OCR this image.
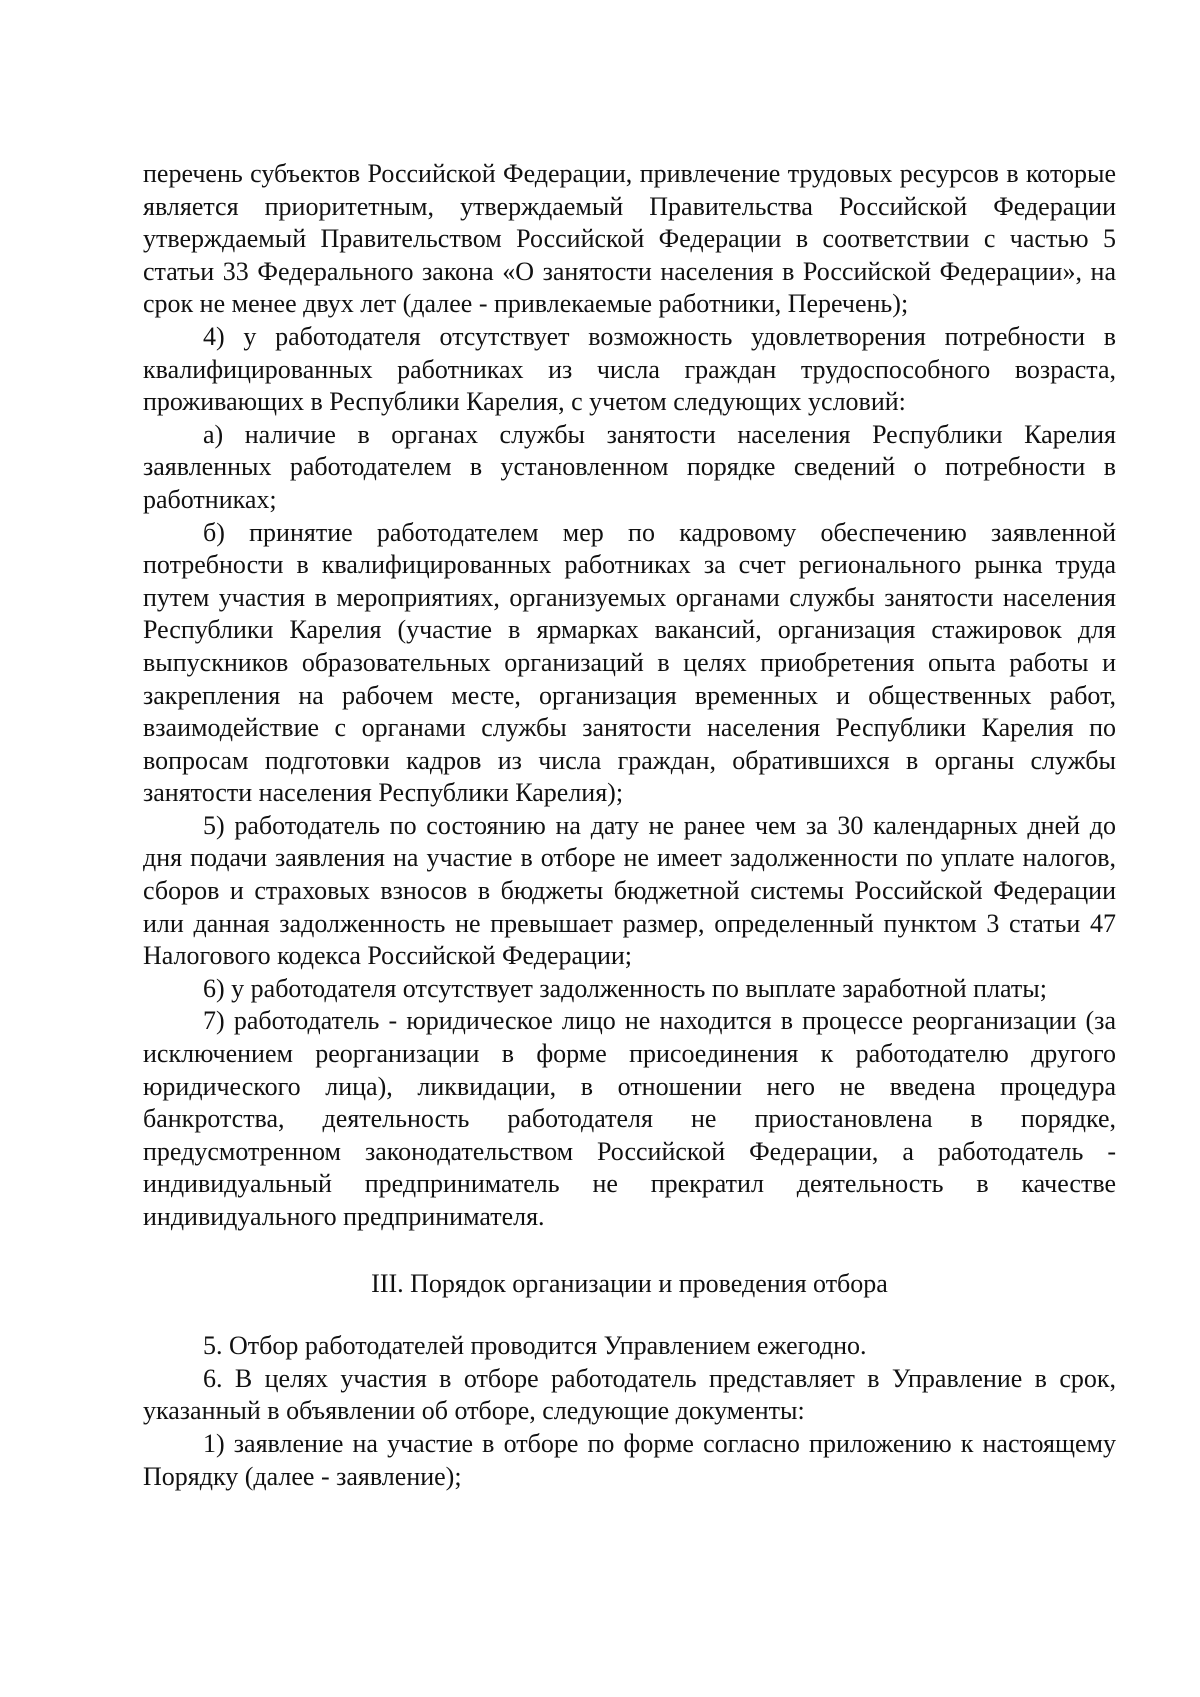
перечень субъектов Российской Федерации, привлечение трудовых ресурсов в которые является приоритетным, утверждаемый Правительства Российской Федерации утверждаемый Правительством Российской Федерации в соответствии с частью 5 статьи 33 Федерального закона «О занятости населения в Российской Федерации», на срок не менее двух лет (далее - привлекаемые работники, Перечень);

4) у работодателя отсутствует возможность удовлетворения потребности в квалифицированных работниках из числа граждан трудоспособного возраста, проживающих в Республики Карелия, с учетом следующих условий:

а) наличие в органах службы занятости населения Республики Карелия заявленных работодателем в установленном порядке сведений о потребности в работниках;

б) принятие работодателем мер по кадровому обеспечению заявленной потребности в квалифицированных работниках за счет регионального рынка труда путем участия в мероприятиях, организуемых органами службы занятости населения Республики Карелия (участие в ярмарках вакансий, организация стажировок для выпускников образовательных организаций в целях приобретения опыта работы и закрепления на рабочем месте, организация временных и общественных работ, взаимодействие с органами службы занятости населения Республики Карелия по вопросам подготовки кадров из числа граждан, обратившихся в органы службы занятости населения Республики Карелия);

5) работодатель по состоянию на дату не ранее чем за 30 календарных дней до дня подачи заявления на участие в отборе не имеет задолженности по уплате налогов, сборов и страховых взносов в бюджеты бюджетной системы Российской Федерации или данная задолженность не превышает размер, определенный пунктом 3 статьи 47 Налогового кодекса Российской Федерации;

6) у работодателя отсутствует задолженность по выплате заработной платы;

7) работодатель - юридическое лицо не находится в процессе реорганизации (за исключением реорганизации в форме присоединения к работодателю другого юридического лица), ликвидации, в отношении него не введена процедура банкротства, деятельность работодателя не приостановлена в порядке, предусмотренном законодательством Российской Федерации, а работодатель - индивидуальный предприниматель не прекратил деятельность в качестве индивидуального предпринимателя.

III. Порядок организации и проведения отбора

5. Отбор работодателей проводится Управлением ежегодно.

6. В целях участия в отборе работодатель представляет в Управление в срок, указанный в объявлении об отборе, следующие документы:

1) заявление на участие в отборе по форме согласно приложению к настоящему Порядку (далее - заявление);
